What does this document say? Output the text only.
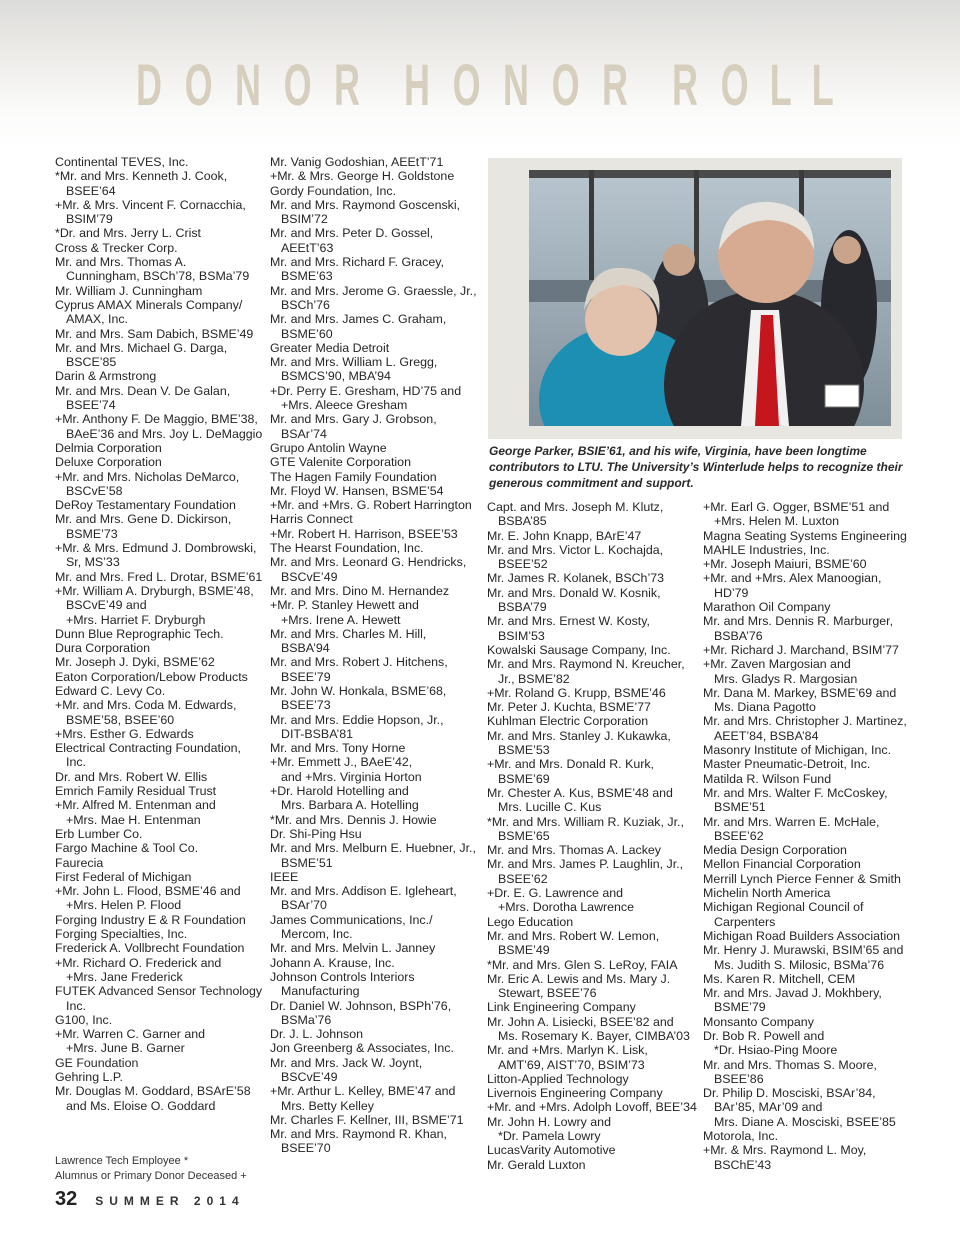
D O N O R
H O N O R
R O L L
Continental TEVES, Inc.
*Mr. and Mrs. Kenneth J. Cook,
BSEE’64
+Mr. & Mrs. Vincent F. Cornacchia,
BSIM’79
*Dr. and Mrs. Jerry L. Crist
Cross & Trecker Corp.
Mr. and Mrs. Thomas A.
Cunningham, BSCh’78, BSMa’79
Mr. William J. Cunningham
Cyprus AMAX Minerals Company/
AMAX, Inc.
Mr. and Mrs. Sam Dabich, BSME’49
Mr. and Mrs. Michael G. Darga,
BSCE’85
Darin & Armstrong
Mr. and Mrs. Dean V. De Galan,
BSEE’74
+Mr. Anthony F. De Maggio, BME’38,
BAeE’36 and Mrs. Joy L. DeMaggio
Delmia Corporation
Deluxe Corporation
+Mr. and Mrs. Nicholas DeMarco,
BSCvE’58
DeRoy Testamentary Foundation
Mr. and Mrs. Gene D. Dickirson,
BSME’73
+Mr. & Mrs. Edmund J. Dombrowski,
Sr, MS’33
Mr. and Mrs. Fred L. Drotar, BSME’61
+Mr. William A. Dryburgh, BSME’48,
BSCvE’49 and
+Mrs. Harriet F. Dryburgh
Dunn Blue Reprographic Tech.
Dura Corporation
Mr. Joseph J. Dyki, BSME’62
Eaton Corporation/Lebow Products
Edward C. Levy Co.
+Mr. and Mrs. Coda M. Edwards,
BSME’58, BSEE’60
+Mrs. Esther G. Edwards
Electrical Contracting Foundation,
Inc.
Dr. and Mrs. Robert W. Ellis
Emrich Family Residual Trust
+Mr. Alfred M. Entenman and
+Mrs. Mae H. Entenman
Erb Lumber Co.
Fargo Machine & Tool Co.
Faurecia
First Federal of Michigan
+Mr. John L. Flood, BSME’46 and
+Mrs. Helen P. Flood
Forging Industry E & R Foundation
Forging Specialties, Inc.
Frederick A. Vollbrecht Foundation
+Mr. Richard O. Frederick and
+Mrs. Jane Frederick
FUTEK Advanced Sensor Technology
Inc.
G100, Inc.
+Mr. Warren C. Garner and
+Mrs. June B. Garner
GE Foundation
Gehring L.P.
Mr. Douglas M. Goddard, BSArE’58
and Ms. Eloise O. Goddard
Mr. Vanig Godoshian, AEEtT’71
+Mr. & Mrs. George H. Goldstone
Gordy Foundation, Inc.
Mr. and Mrs. Raymond Goscenski,
BSIM’72
Mr. and Mrs. Peter D. Gossel,
AEEtT’63
Mr. and Mrs. Richard F. Gracey,
BSME’63
Mr. and Mrs. Jerome G. Graessle, Jr.,
BSCh’76
Mr. and Mrs. James C. Graham,
BSME’60
Greater Media Detroit
Mr. and Mrs. William L. Gregg,
BSMCS’90, MBA’94
+Dr. Perry E. Gresham, HD’75 and
+Mrs. Aleece Gresham
Mr. and Mrs. Gary J. Grobson,
BSAr’74
Grupo Antolin Wayne
GTE Valenite Corporation
The Hagen Family Foundation
Mr. Floyd W. Hansen, BSME’54
+Mr. and +Mrs. G. Robert Harrington
Harris Connect
+Mr. Robert H. Harrison, BSEE’53
The Hearst Foundation, Inc.
Mr. and Mrs. Leonard G. Hendricks,
BSCvE’49
Mr. and Mrs. Dino M. Hernandez
+Mr. P. Stanley Hewett and
+Mrs. Irene A. Hewett
Mr. and Mrs. Charles M. Hill,
BSBA’94
Mr. and Mrs. Robert J. Hitchens,
BSEE’79
Mr. John W. Honkala, BSME’68,
BSEE’73
Mr. and Mrs. Eddie Hopson, Jr.,
DIT-BSBA’81
Mr. and Mrs. Tony Horne
+Mr. Emmett J., BAeE’42,
and +Mrs. Virginia Horton
+Dr. Harold Hotelling and
Mrs. Barbara A. Hotelling
*Mr. and Mrs. Dennis J. Howie
Dr. Shi-Ping Hsu
Mr. and Mrs. Melburn E. Huebner, Jr.,
BSME’51
IEEE
Mr. and Mrs. Addison E. Igleheart,
BSAr’70
James Communications, Inc./
Mercom, Inc.
Mr. and Mrs. Melvin L. Janney
Johann A. Krause, Inc.
Johnson Controls Interiors
Manufacturing
Dr. Daniel W. Johnson, BSPh’76,
BSMa’76
Dr. J. L. Johnson
Jon Greenberg & Associates, Inc.
Mr. and Mrs. Jack W. Joynt,
BSCvE’49
+Mr. Arthur L. Kelley, BME’47 and
Mrs. Betty Kelley
Mr. Charles F. Kellner, III, BSME’71
Mr. and Mrs. Raymond R. Khan,
BSEE’70
George Parker, BSIE’61, and his wife, Virginia, have been longtime contributors to LTU. The University’s Winterlude helps to recognize their generous commitment and support.
Capt. and Mrs. Joseph M. Klutz,
BSBA’85
Mr. E. John Knapp, BArE’47
Mr. and Mrs. Victor L. Kochajda,
BSEE’52
Mr. James R. Kolanek, BSCh’73
Mr. and Mrs. Donald W. Kosnik,
BSBA’79
Mr. and Mrs. Ernest W. Kosty,
BSIM’53
Kowalski Sausage Company, Inc.
Mr. and Mrs. Raymond N. Kreucher,
Jr., BSME’82
+Mr. Roland G. Krupp, BSME’46
Mr. Peter J. Kuchta, BSME’77
Kuhlman Electric Corporation
Mr. and Mrs. Stanley J. Kukawka,
BSME’53
+Mr. and Mrs. Donald R. Kurk,
BSME’69
Mr. Chester A. Kus, BSME’48 and
Mrs. Lucille C. Kus
*Mr. and Mrs. William R. Kuziak, Jr.,
BSME’65
Mr. and Mrs. Thomas A. Lackey
Mr. and Mrs. James P. Laughlin, Jr.,
BSEE’62
+Dr. E. G. Lawrence and
+Mrs. Dorotha Lawrence
Lego Education
Mr. and Mrs. Robert W. Lemon,
BSME’49
*Mr. and Mrs. Glen S. LeRoy, FAIA
Mr. Eric A. Lewis and Ms. Mary J.
Stewart, BSEE’76
Link Engineering Company
Mr. John A. Lisiecki, BSEE’82 and
Ms. Rosemary K. Bayer, CIMBA’03
Mr. and +Mrs. Marlyn K. Lisk,
AMT’69, AIST’70, BSIM’73
Litton-Applied Technology
Livernois Engineering Company
+Mr. and +Mrs. Adolph Lovoff, BEE’34
Mr. John H. Lowry and
*Dr. Pamela Lowry
LucasVarity Automotive
Mr. Gerald Luxton
+Mr. Earl G. Ogger, BSME’51 and
+Mrs. Helen M. Luxton
Magna Seating Systems Engineering
MAHLE Industries, Inc.
+Mr. Joseph Maiuri, BSME’60
+Mr. and +Mrs. Alex Manoogian,
HD’79
Marathon Oil Company
Mr. and Mrs. Dennis R. Marburger,
BSBA’76
+Mr. Richard J. Marchand, BSIM’77
+Mr. Zaven Margosian and
Mrs. Gladys R. Margosian
Mr. Dana M. Markey, BSME’69 and
Ms. Diana Pagotto
Mr. and Mrs. Christopher J. Martinez,
AEET’84, BSBA’84
Masonry Institute of Michigan, Inc.
Master Pneumatic-Detroit, Inc.
Matilda R. Wilson Fund
Mr. and Mrs. Walter F. McCoskey,
BSME’51
Mr. and Mrs. Warren E. McHale,
BSEE’62
Media Design Corporation
Mellon Financial Corporation
Merrill Lynch Pierce Fenner & Smith
Michelin North America
Michigan Regional Council of
Carpenters
Michigan Road Builders Association
Mr. Henry J. Murawski, BSIM’65 and
Ms. Judith S. Milosic, BSMa’76
Ms. Karen R. Mitchell, CEM
Mr. and Mrs. Javad J. Mokhbery,
BSME’79
Monsanto Company
Dr. Bob R. Powell and
*Dr. Hsiao-Ping Moore
Mr. and Mrs. Thomas S. Moore,
BSEE’86
Dr. Philip D. Mosciski, BSAr’84,
BAr’85, MAr’09 and
Mrs. Diane A. Mosciski, BSEE’85
Motorola, Inc.
+Mr. & Mrs. Raymond L. Moy,
BSChE’43
Lawrence Tech Employee *
Alumnus or Primary Donor Deceased +
32 SUMMER 2014
